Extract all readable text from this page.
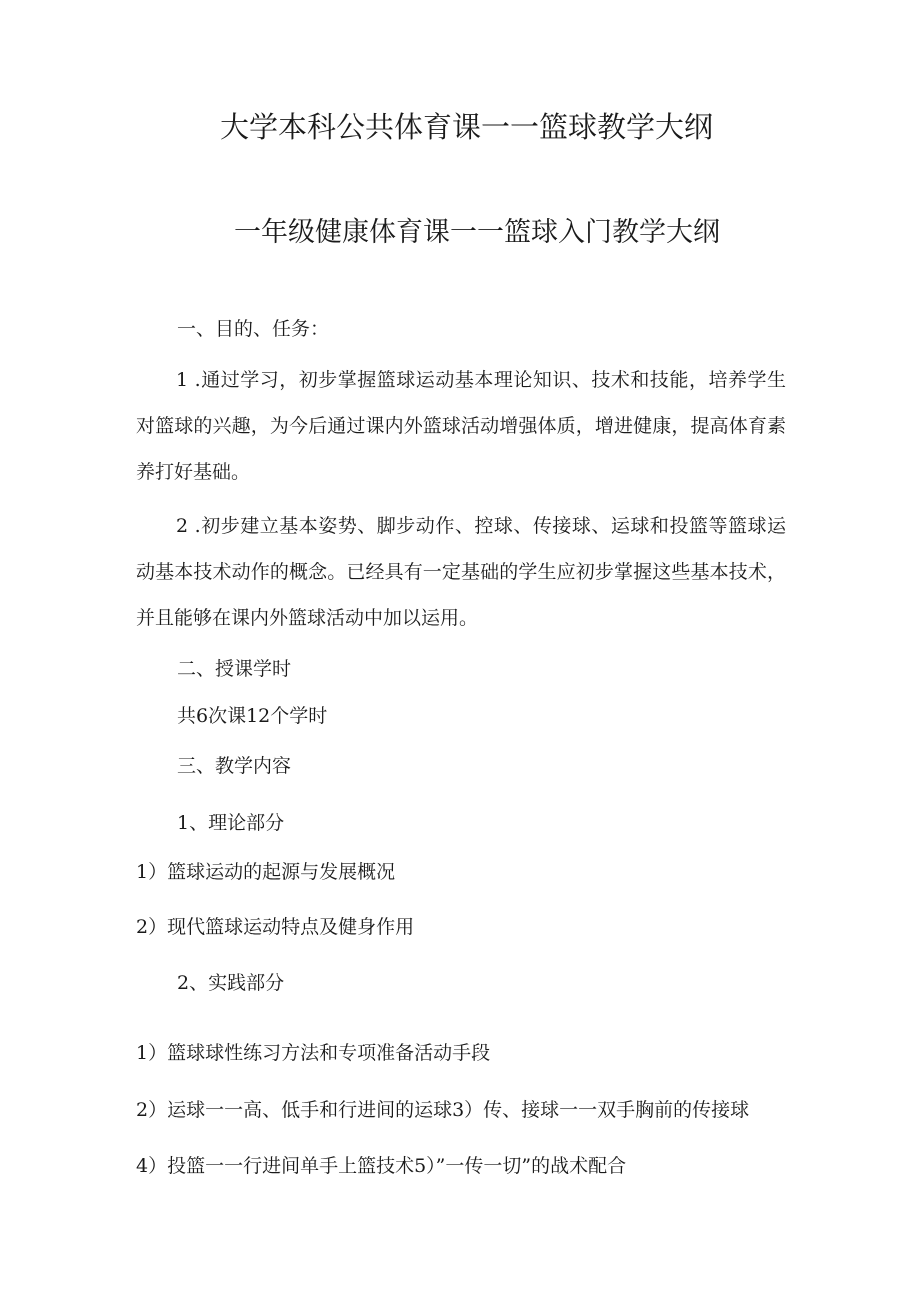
大学本科公共体育课一一篮球教学大纲
一年级健康体育课一一篮球入门教学大纲
一、目的、任务：
1 .通过学习，初步掌握篮球运动基本理论知识、技术和技能，培养学生对篮球的兴趣，为今后通过课内外篮球活动增强体质，增进健康，提高体育素养打好基础。
2 .初步建立基本姿势、脚步动作、控球、传接球、运球和投篮等篮球运动基本技术动作的概念。已经具有一定基础的学生应初步掌握这些基本技术，并且能够在课内外篮球活动中加以运用。
二、授课学时
共6次课12个学时
三、教学内容
1、理论部分
1）篮球运动的起源与发展概况
2）现代篮球运动特点及健身作用
2、实践部分
1）篮球球性练习方法和专项准备活动手段
2）运球一一高、低手和行进间的运球3）传、接球一一双手胸前的传接球
4）投篮一一行进间单手上篮技术5）”一传一切”的战术配合
